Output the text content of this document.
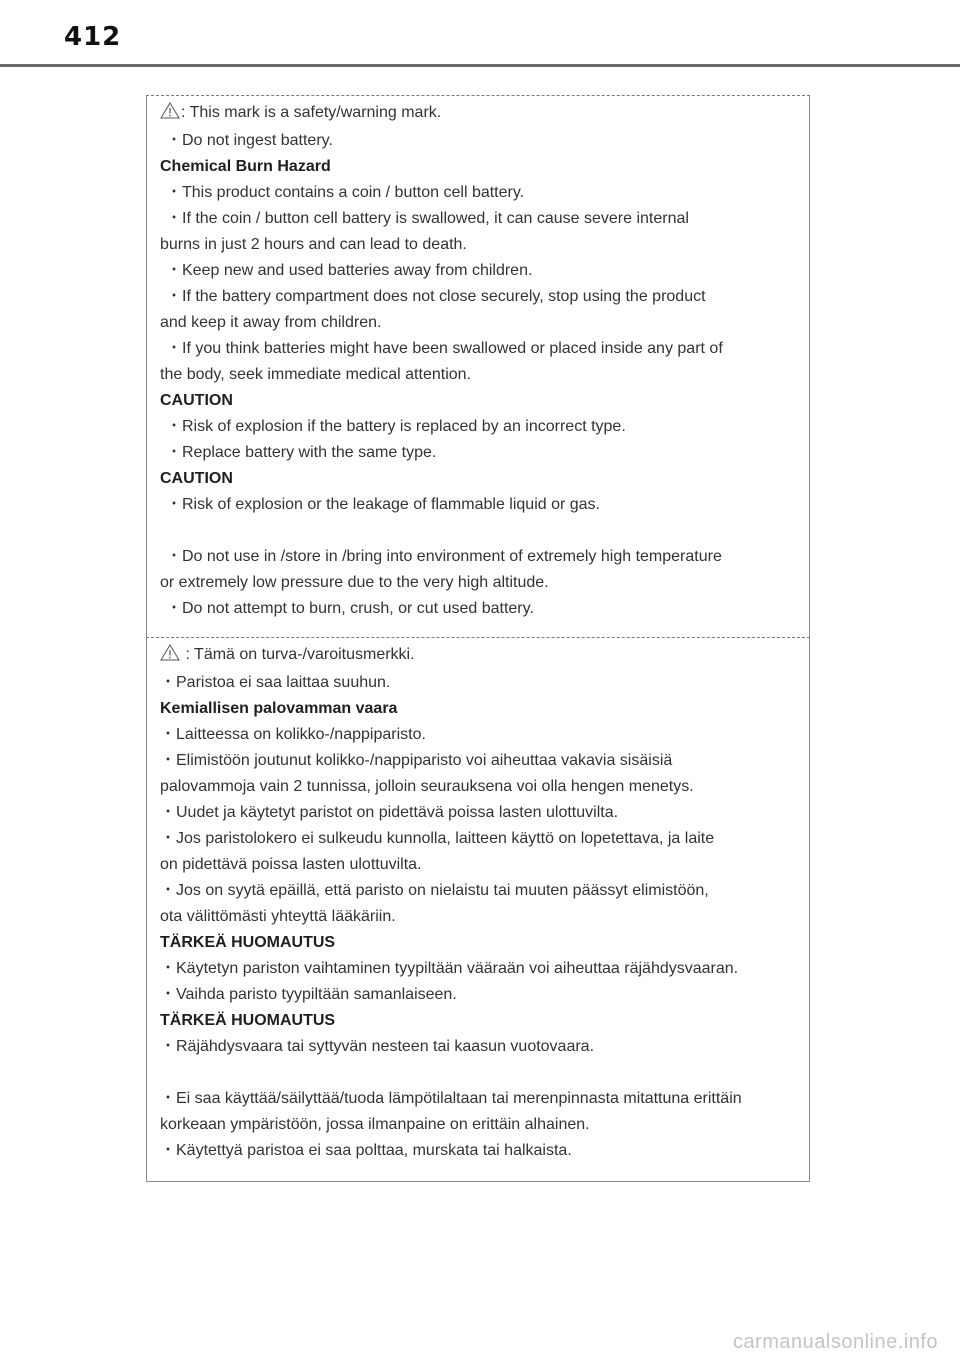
412
: This mark is a safety/warning mark.
・Do not ingest battery.
Chemical Burn Hazard
・This product contains a coin / button cell battery.
・If the coin / button cell battery is swallowed, it can cause severe internal
burns in just 2 hours and can lead to death.
・Keep new and used batteries away from children.
・If the battery compartment does not close securely, stop using the product
and keep it away from children.
・If you think batteries might have been swallowed or placed inside any part of
the body, seek immediate medical attention.
CAUTION
・Risk of explosion if the battery is replaced by an incorrect type.
・Replace battery with the same type.
CAUTION
・Risk of explosion or the leakage of flammable liquid or gas.
・Do not use in /store in /bring into environment of extremely high temperature
or extremely low pressure due to the very high altitude.
・Do not attempt to burn, crush, or cut used battery.
: Tämä on turva-/varoitusmerkki.
・Paristoa ei saa laittaa suuhun.
Kemiallisen palovamman vaara
・Laitteessa on kolikko-/nappiparisto.
・Elimistöön joutunut kolikko-/nappiparisto voi aiheuttaa vakavia sisäisiä
palovammoja vain 2 tunnissa, jolloin seurauksena voi olla hengen menetys.
・Uudet ja käytetyt paristot on pidettävä poissa lasten ulottuvilta.
・Jos paristolokero ei sulkeudu kunnolla, laitteen käyttö on lopetettava, ja laite
on pidettävä poissa lasten ulottuvilta.
・Jos on syytä epäillä, että paristo on nielaistu tai muuten päässyt elimistöön,
ota välittömästi yhteyttä lääkäriin.
TÄRKEÄ HUOMAUTUS
・Käytetyn pariston vaihtaminen tyypiltään vääraän voi aiheuttaa räjähdysvaaran.
・Vaihda paristo tyypiltään samanlaiseen.
TÄRKEÄ HUOMAUTUS
・Räjähdysvaara tai syttyvän nesteen tai kaasun vuotovaara.
・Ei saa käyttää/säilyttää/tuoda lämpötilaltaan tai merenpinnasta mitattuna erittäin
korkeaan ympäristöön, jossa ilmanpaine on erittäin alhainen.
・Käytettyä paristoa ei saa polttaa, murskata tai halkaista.
carmanualsonline.info
